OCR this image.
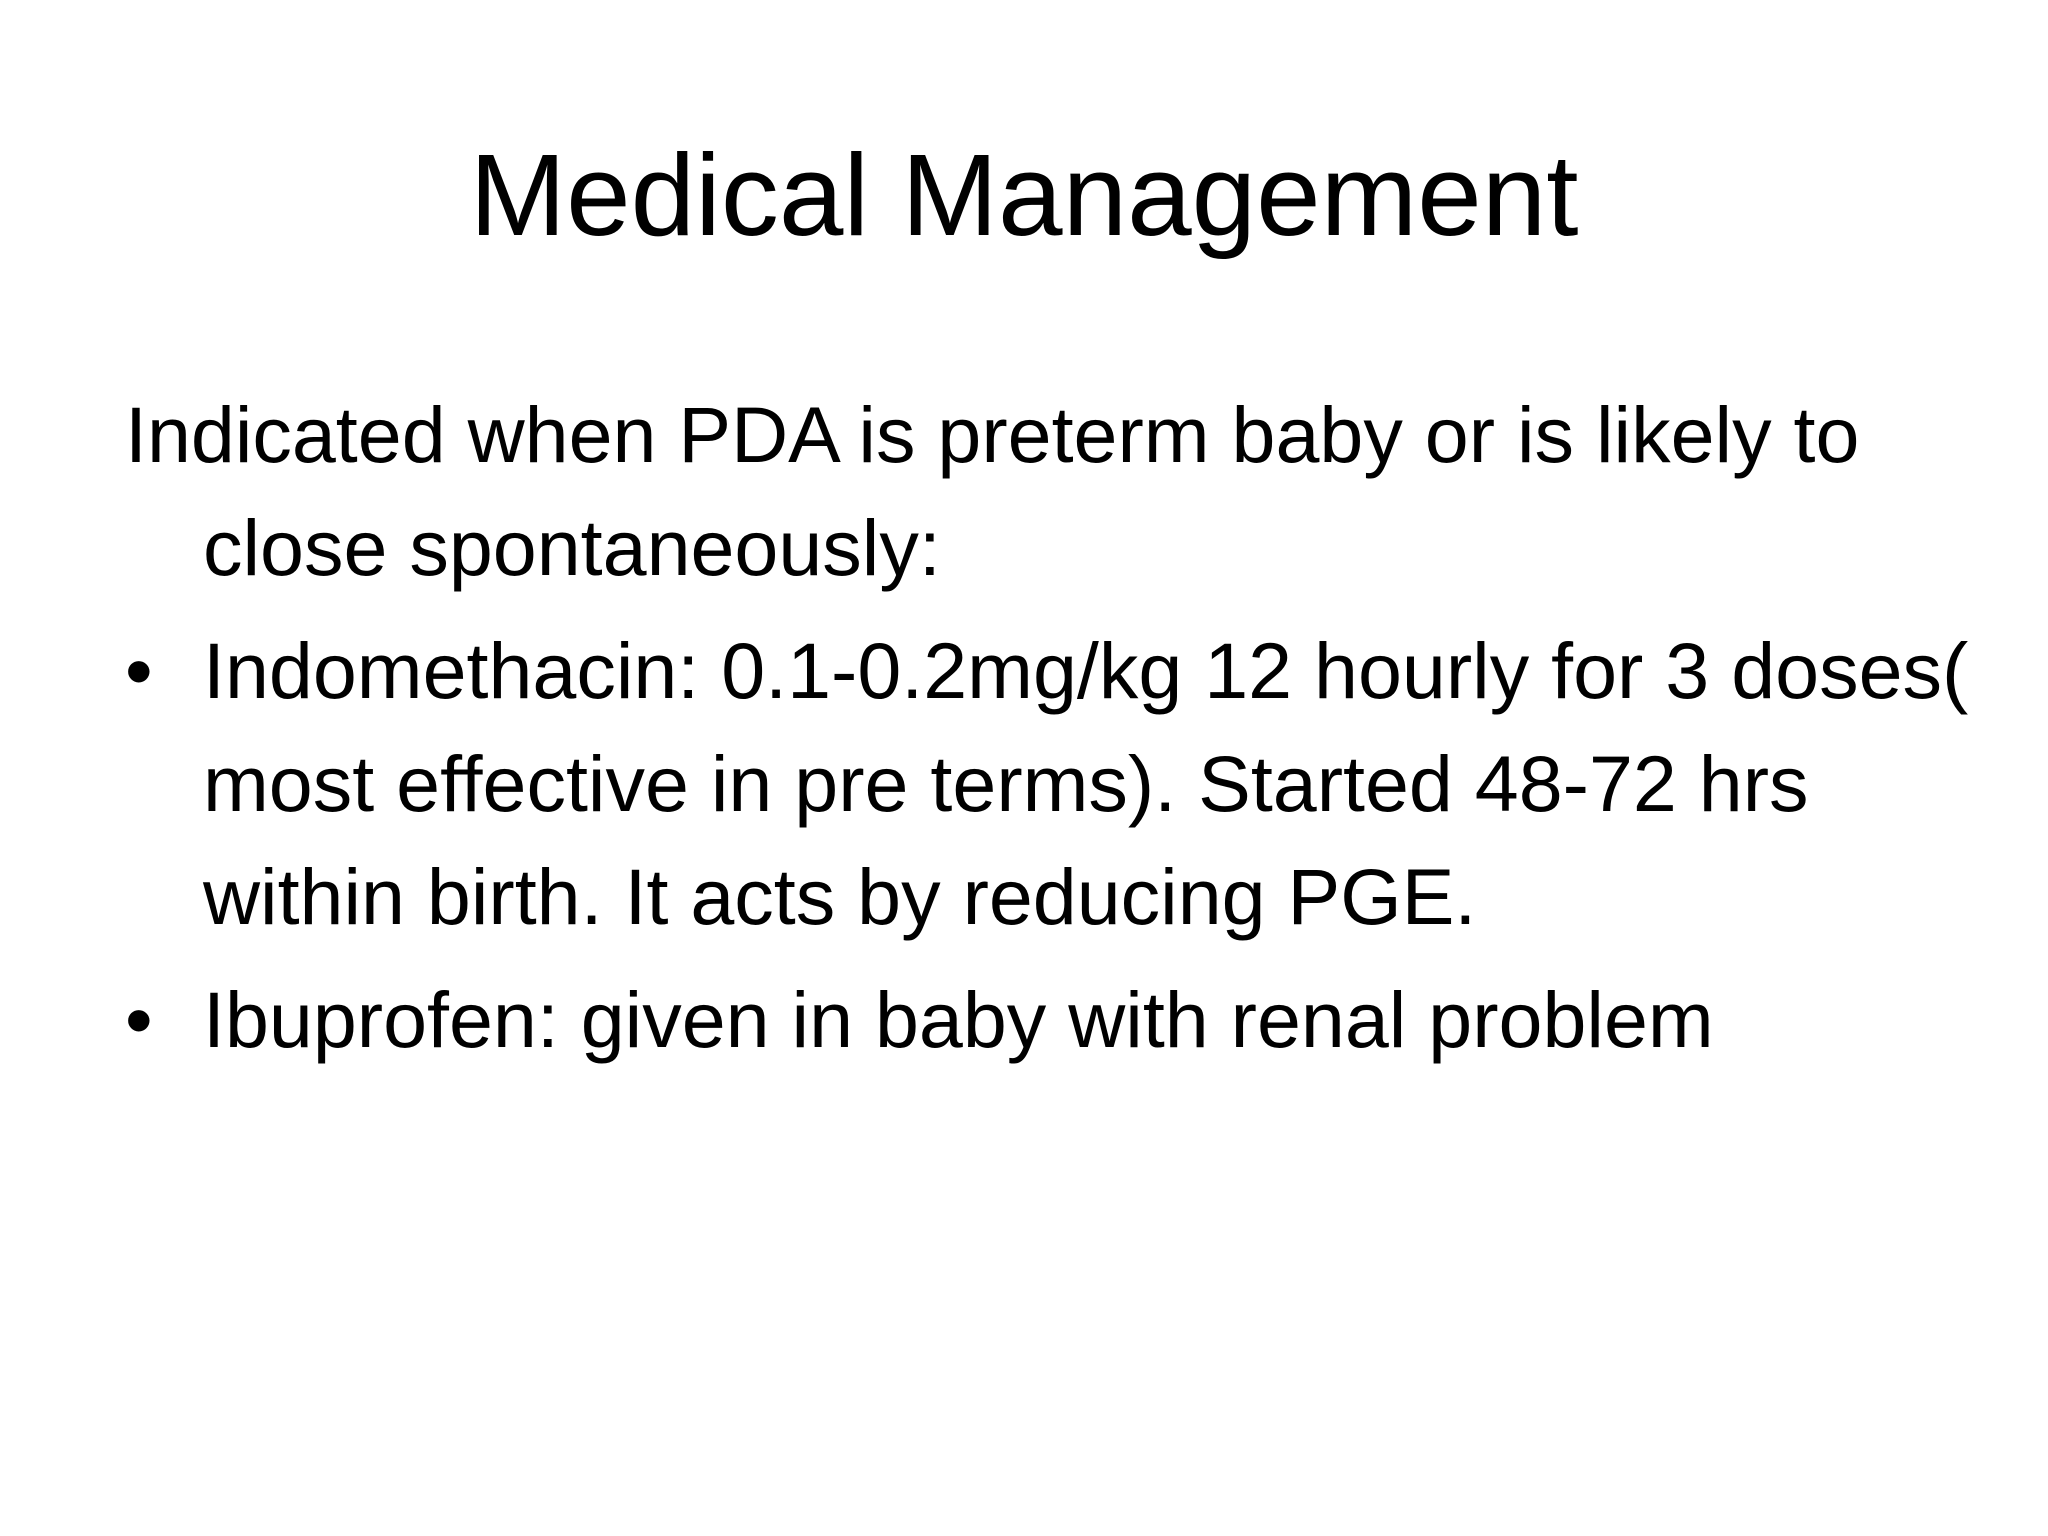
Medical Management

Indicated when PDA is preterm baby or is likely to close spontaneously:

• Indomethacin: 0.1-0.2mg/kg 12 hourly for 3 doses( most effective in pre terms). Started 48-72 hrs within birth. It acts by reducing PGE.
• Ibuprofen: given in baby with renal problem
